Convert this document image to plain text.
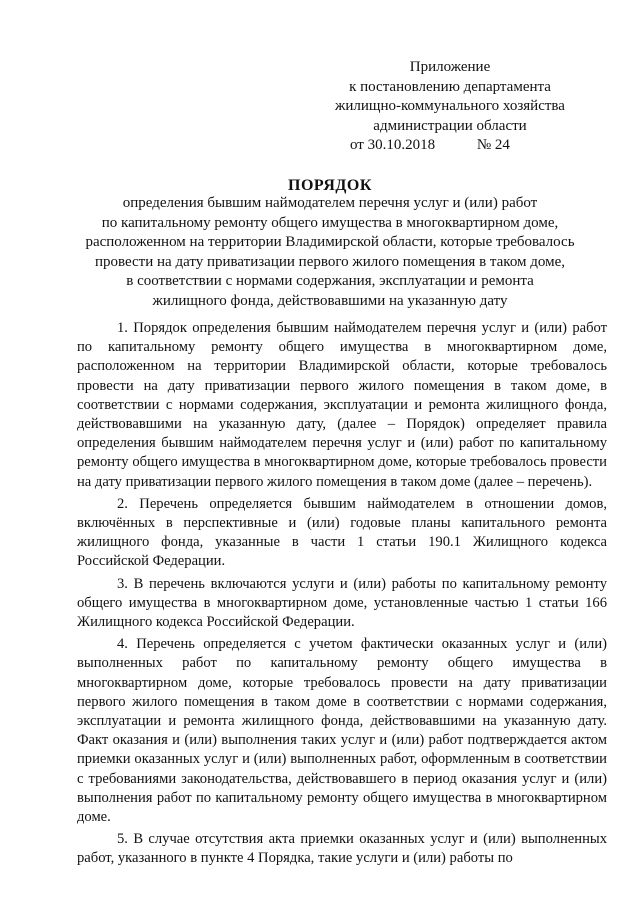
Приложение
к постановлению департамента
жилищно-коммунального хозяйства
администрации области
от 30.10.2018	№ 24
ПОРЯДОК
определения бывшим наймодателем перечня услуг и (или) работ
по капитальному ремонту общего имущества в многоквартирном доме,
расположенном на территории Владимирской области, которые требовалось
провести на дату приватизации первого жилого помещения в таком доме,
в соответствии с нормами содержания, эксплуатации и ремонта
жилищного фонда, действовавшими на указанную дату

1. Порядок определения бывшим наймодателем перечня услуг и (или) работ по капитальному ремонту общего имущества в многоквартирном доме, расположенном на территории Владимирской области, которые требовалось провести на дату приватизации первого жилого помещения в таком доме, в соответствии с нормами содержания, эксплуатации и ремонта жилищного фонда, действовавшими на указанную дату, (далее – Порядок) определяет правила определения бывшим наймодателем перечня услуг и (или) работ по капитальному ремонту общего имущества в многоквартирном доме, которые требовалось провести на дату приватизации первого жилого помещения в таком доме (далее – перечень).

2. Перечень определяется бывшим наймодателем в отношении домов, включённых в перспективные и (или) годовые планы капитального ремонта жилищного фонда, указанные в части 1 статьи 190.1 Жилищного кодекса Российской Федерации.

3. В перечень включаются услуги и (или) работы по капитальному ремонту общего имущества в многоквартирном доме, установленные частью 1 статьи 166 Жилищного кодекса Российской Федерации.

4. Перечень определяется с учетом фактически оказанных услуг и (или) выполненных работ по капитальному ремонту общего имущества в многоквартирном доме, которые требовалось провести на дату приватизации первого жилого помещения в таком доме в соответствии с нормами содержания, эксплуатации и ремонта жилищного фонда, действовавшими на указанную дату. Факт оказания и (или) выполнения таких услуг и (или) работ подтверждается актом приемки оказанных услуг и (или) выполненных работ, оформленным в соответствии с требованиями законодательства, действовавшего в период оказания услуг и (или) выполнения работ по капитальному ремонту общего имущества в многоквартирном доме.

5. В случае отсутствия акта приемки оказанных услуг и (или) выполненных работ, указанного в пункте 4 Порядка, такие услуги и (или) работы по
